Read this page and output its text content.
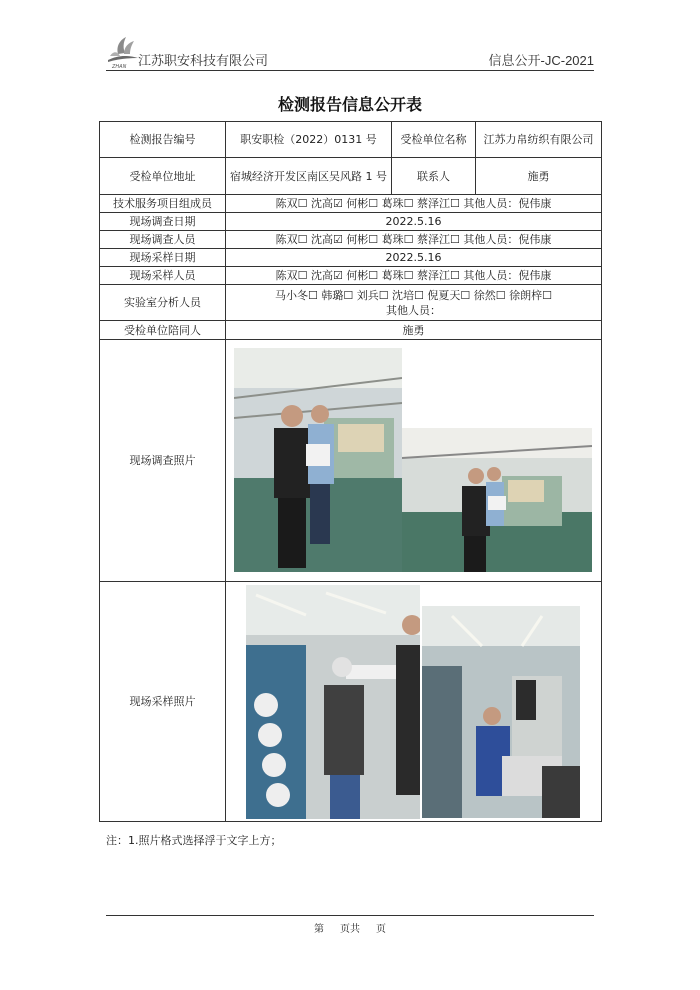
ZHAN 江苏职安科技有限公司	信息公开-JC-2021
检测报告信息公开表
检测报告编号	职安职检（2022）0131 号	受检单位名称	江苏力帛纺织有限公司
受检单位地址	宿城经济开发区南区吴风路 1 号	联系人	施勇
技术服务项目组成员	陈双☐ 沈高☑ 何彬☐ 葛珠☐ 蔡泽江☐ 其他人员：倪伟康		
现场调查日期	2022.5.16		
现场调查人员	陈双☐ 沈高☑ 何彬☐ 葛珠☐ 蔡泽江☐ 其他人员：倪伟康		
现场采样日期	2022.5.16		
现场采样人员	陈双☐ 沈高☑ 何彬☐ 葛珠☐ 蔡泽江☐ 其他人员：倪伟康		
实验室分析人员	马小冬☐ 韩璐☐ 刘兵☐ 沈培☐ 倪夏天☐ 徐然☐ 徐朗梓☐
其他人员：		

受检单位陪同人	施勇		
现场调查照片	

现场采样照片	
注：1.照片格式选择浮于文字上方；
第 页共 页
